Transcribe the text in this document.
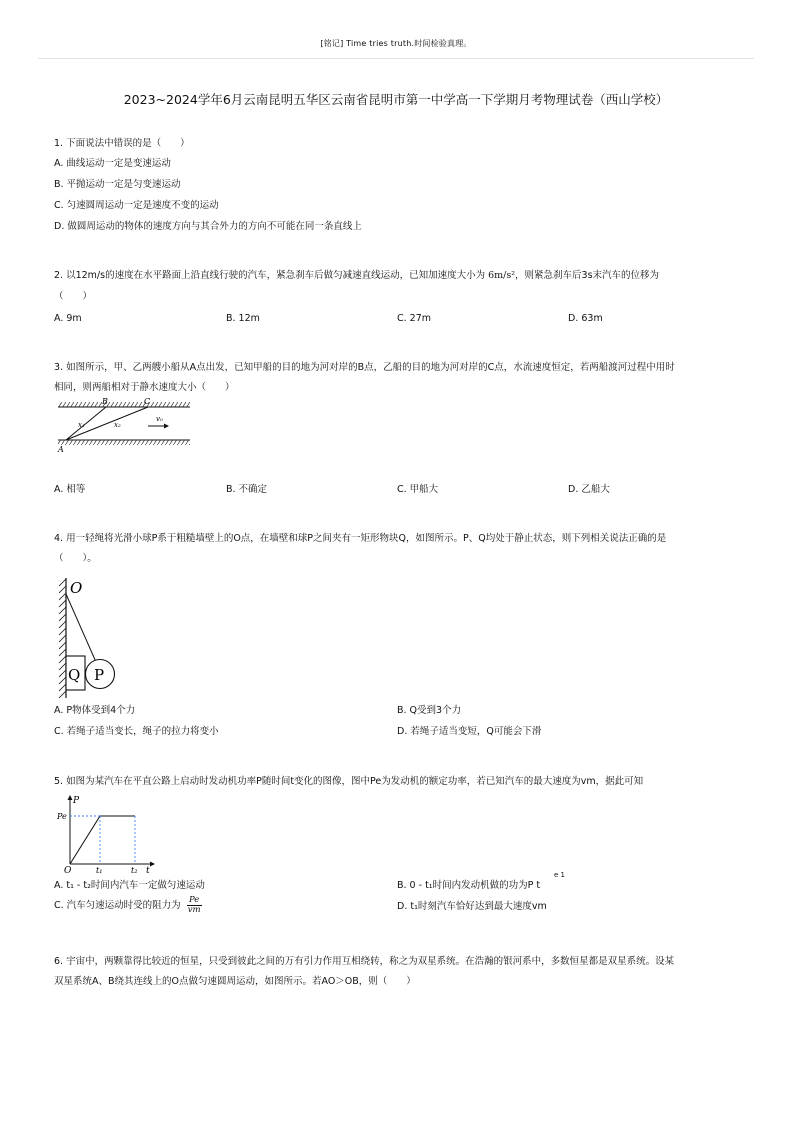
[铭记] Time tries truth.时间检验真理。
2023~2024学年6月云南昆明五华区云南省昆明市第一中学高一下学期月考物理试卷（西山学校）
1. 下面说法中错误的是（　　）
A. 曲线运动一定是变速运动
B. 平抛运动一定是匀变速运动
C. 匀速圆周运动一定是速度不变的运动
D. 做圆周运动的物体的速度方向与其合外力的方向不可能在同一条直线上
2. 以12m/s的速度在水平路面上沿直线行驶的汽车，紧急刹车后做匀减速直线运动，已知加速度大小为 6m/s²，则紧急刹车后3s末汽车的位移为
（　　）
A. 9m	B. 12m	C. 27m	D. 63m
3. 如图所示，甲、乙两艘小船从A点出发，已知甲船的目的地为河对岸的B点，乙船的目的地为河对岸的C点，水流速度恒定，若两船渡河过程中用时
相同，则两船相对于静水速度大小（　　）
B	C
A
x₁	x₂
v₀
A. 相等	B. 不确定	C. 甲船大	D. 乙船大
4. 用一轻绳将光滑小球P系于粗糙墙壁上的O点，在墙壁和球P之间夹有一矩形物块Q，如图所示。P、Q均处于静止状态，则下列相关说法正确的是
（　　）。
O
Q P
A. P物体受到4个力	B. Q受到3个力
C. 若绳子适当变长，绳子的拉力将变小	D. 若绳子适当变短，Q可能会下滑
5. 如图为某汽车在平直公路上启动时发动机功率P随时间t变化的图像，图中Pe为发动机的额定功率，若已知汽车的最大速度为vm，据此可知
P
Pe
O	t₁	t₂ t
A. t₁ - t₂时间内汽车一定做匀速运动	B. 0 - t₁时间内发动机做的功为P t
e 1
C. 汽车匀速运动时受的阻力为 $\frac{Pe}{vm}$	D. t₁时刻汽车恰好达到最大速度vm
6. 宇宙中，两颗靠得比较近的恒星，只受到彼此之间的万有引力作用互相绕转，称之为双星系统。在浩瀚的银河系中，多数恒星都是双星系统。设某
双星系统A、B绕其连线上的O点做匀速圆周运动，如图所示。若AO＞OB，则（　　）
